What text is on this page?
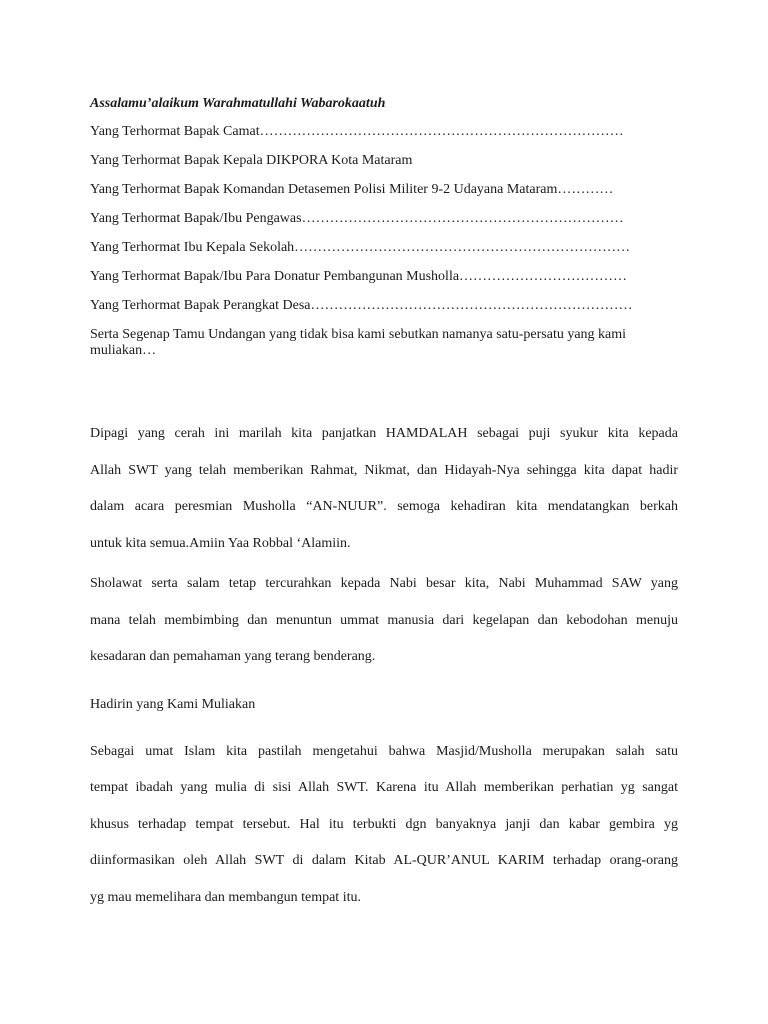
Assalamu’alaikum Warahmatullahi Wabarokaatuh

Yang Terhormat Bapak Camat……………………………………………………………………

Yang Terhormat Bapak Kepala DIKPORA Kota Mataram

Yang Terhormat Bapak Komandan Detasemen Polisi Militer 9-2 Udayana Mataram…………

Yang Terhormat Bapak/Ibu Pengawas……………………………………………………………

Yang Terhormat Ibu Kepala Sekolah………………………………………………………………

Yang Terhormat Bapak/Ibu Para Donatur Pembangunan Musholla………………………………

Yang Terhormat Bapak Perangkat Desa……………………………………………………………

Serta Segenap Tamu Undangan yang tidak bisa kami sebutkan namanya satu-persatu yang kami muliakan…

Dipagi yang cerah ini marilah kita panjatkan HAMDALAH sebagai puji syukur kita kepada
Allah SWT yang telah memberikan Rahmat, Nikmat, dan Hidayah-Nya sehingga kita dapat hadir
dalam acara peresmian Musholla “AN-NUUR”. semoga kehadiran kita mendatangkan berkah
untuk kita semua.Amiin Yaa Robbal ‘Alamiin.

Sholawat serta salam tetap tercurahkan kepada Nabi besar kita, Nabi Muhammad SAW yang
mana telah membimbing dan menuntun ummat manusia dari kegelapan dan kebodohan menuju
kesadaran dan pemahaman yang terang benderang.

Hadirin yang Kami Muliakan

Sebagai umat Islam kita pastilah mengetahui bahwa Masjid/Musholla merupakan salah satu
tempat ibadah yang mulia di sisi Allah SWT. Karena itu Allah memberikan perhatian yg sangat
khusus terhadap tempat tersebut. Hal itu terbukti dgn banyaknya janji dan kabar gembira yg
diinformasikan oleh Allah SWT di dalam Kitab AL-QUR’ANUL KARIM terhadap orang-orang
yg mau memelihara dan membangun tempat itu.
